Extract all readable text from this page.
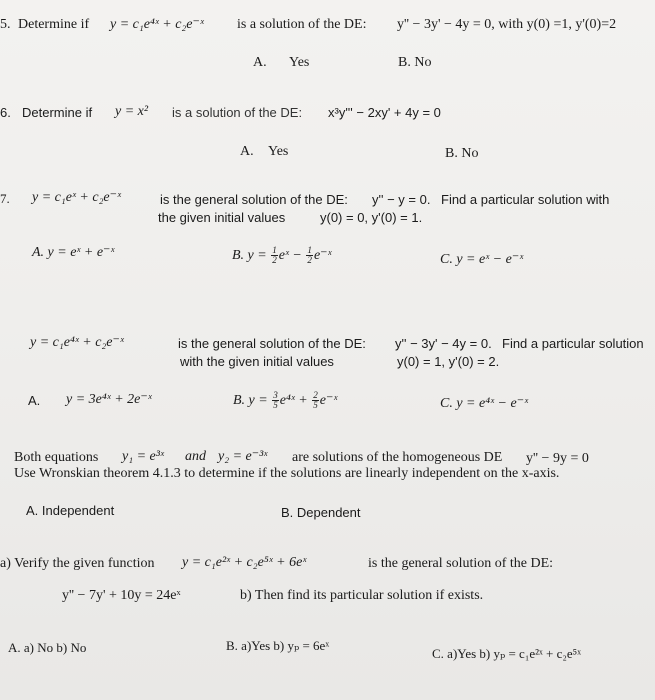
5. Determine if y = c₁e⁴ˣ + c₂e⁻ˣ is a solution of the DE: y'' − 3y' − 4y = 0, with y(0) =1, y'(0)=2
A. Yes	B. No
6. Determine if y = x² is a solution of the DE: x³y''' − 2xy' + 4y = 0
A. Yes	B. No
7. y = c₁eˣ + c₂e⁻ˣ	is the general solution of the DE: y'' − y = 0. Find a particular solution with
the given initial values	y(0) = 0, y'(0) = 1.
A. y = eˣ + e⁻ˣ	B. $y = \frac{1}{2}$ eˣ − $\frac{1}{2}$ e⁻ˣ	C. y = eˣ − e⁻ˣ
y = c₁e⁴ˣ + c₂e⁻ˣ	is the general solution of the DE: y'' − 3y' − 4y = 0. Find a particular solution
with the given initial values	y(0) = 1, y'(0) = 2.
A. y = 3e⁴ˣ + 2e⁻ˣ	B. $y = \frac{3}{5}$ e⁴ˣ + $\frac{2}{5}$ e⁻ˣ	C. y = e⁴ˣ − e⁻ˣ
Both equations y₁ = e³ˣ and y₂ = e⁻³ˣ are solutions of the homogeneous DE y'' − 9y = 0
Use Wronskian theorem 4.1.3 to determine if the solutions are linearly independent on the x-axis.
A. Independent	B. Dependent
a) Verify the given function y = c₁e²ˣ + c₂e⁵ˣ + 6eˣ	is the general solution of the DE:
y'' − 7y' + 10y = 24eˣ	b) Then find its particular solution if exists.
A. a) No b) No	B. a)Yes b) yₚ = 6eˣ
C. a)Yes b) yₚ = c₁e²ˣ + c₂e⁵ˣ
